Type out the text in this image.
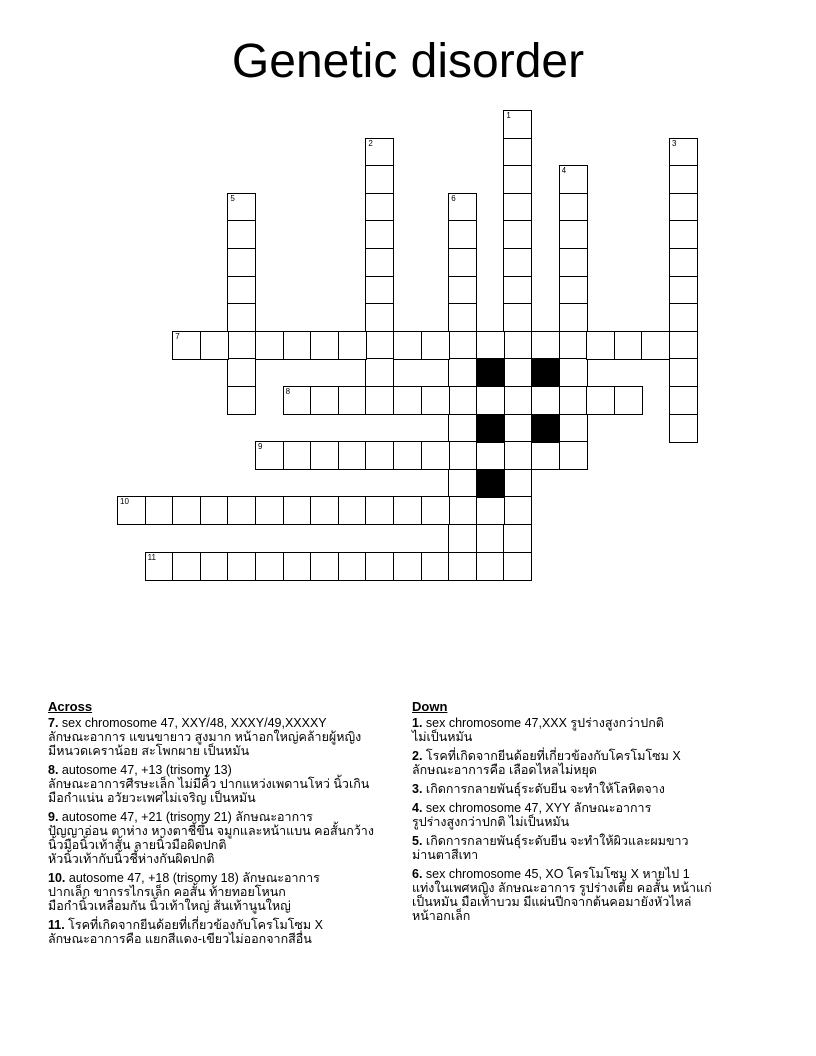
Genetic disorder
1
2	3
4
5	6
7
8
9
10
11
Across
7. sex chromosome 47, XXY/48, XXXY/49,XXXXY
ลักษณะอาการ แขนขายาว สูงมาก หน้าอกใหญ่คล้ายผู้หญิง
มีหนวดเคราน้อย สะโพกผาย เป็นหมัน
8. autosome 47, +13 (trisomy 13)
ลักษณะอาการศีรษะเล็ก ไม่มีคิ้ว ปากแหว่งเพดานโหว่ นิ้วเกิน
มือกำแน่น อวัยวะเพศไม่เจริญ เป็นหมัน
9. autosome 47, +21 (trisomy 21) ลักษณะอาการ
ปัญญาอ่อน ตาห่าง หางตาชี้ขึ้น จมูกและหน้าแบน คอสั้นกว้าง
นิ้วมือนิ้วเท้าสั้น ลายนิ้วมือผิดปกติ
หัวนิ้วเท้ากับนิ้วชี้ห่างกันผิดปกติ
10. autosome 47, +18 (trisomy 18) ลักษณะอาการ
ปากเล็ก ขากรรไกรเล็ก คอสั้น ท้ายทอยโหนก
มือกำนิ้วเหลื่อมกัน นิ้วเท้าใหญ่ ส้นเท้านูนใหญ่
11. โรคที่เกิดจากยีนด้อยที่เกี่ยวข้องกับโครโมโซม X
ลักษณะอาการคือ แยกสีแดง-เขียวไม่ออกจากสีอื่น
Down
1. sex chromosome 47,XXX รูปร่างสูงกว่าปกติ
ไม่เป็นหมัน
2. โรคที่เกิดจากยีนด้อยที่เกี่ยวข้องกับโครโมโซม X
ลักษณะอาการคือ เลือดไหลไม่หยุด
3. เกิดการกลายพันธุ์ระดับยีน จะทำให้โลหิตจาง
4. sex chromosome 47, XYY ลักษณะอาการ
รูปร่างสูงกว่าปกติ ไม่เป็นหมัน
5. เกิดการกลายพันธุ์ระดับยีน จะทำให้ผิวและผมขาว
ม่านตาสีเทา
6. sex chromosome 45, XO โครโมโซม X หายไป 1
แท่งในเพศหญิง ลักษณะอาการ รูปร่างเตี้ย คอสั้น หน้าแก่
เป็นหมัน มือเท้าบวม มีแผ่นปีกจากต้นคอมายังหัวไหล่
หน้าอกเล็ก
